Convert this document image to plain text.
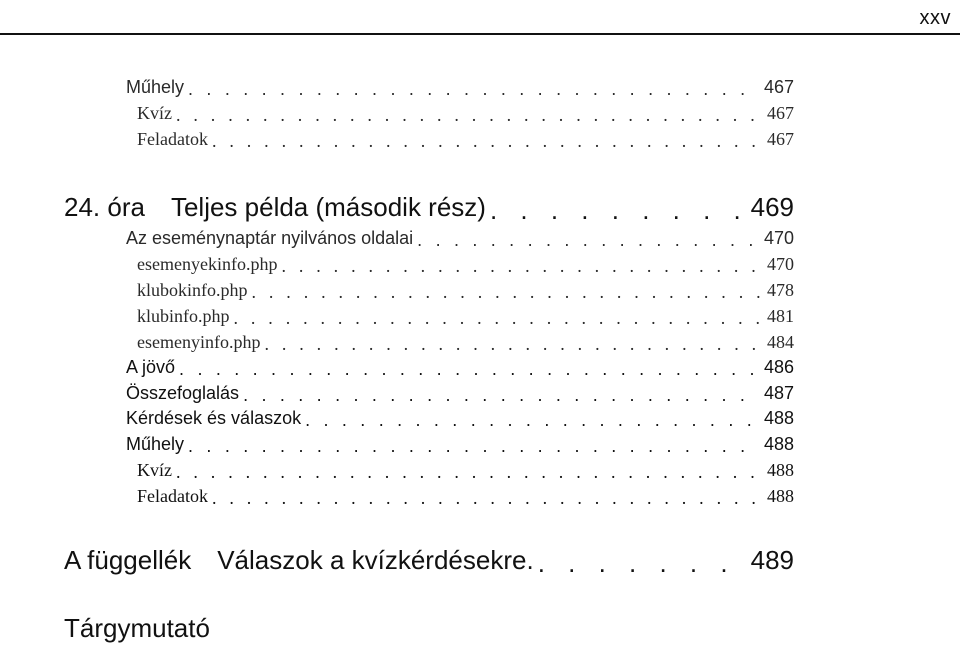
xxv
Műhely . . .	467
Kvíz . . .	467
Feladatok . . .	467
24. óra	Teljes példa (második rész) . . .	469
Az eseménynaptár nyilvános oldalai . . .	470
esemenyekinfo.php . . .	470
klubokinfo.php . . .	478
klubinfo.php . . .	481
esemenyinfo.php . . .	484
A jövő . . .	486
Összefoglalás . . .	487
Kérdések és válaszok . . .	488
Műhely . . .	488
Kvíz . . .	488
Feladatok . . .	488
A függellék	Válaszok a kvízkérdésekre. . . .	489
Tárgymutató
